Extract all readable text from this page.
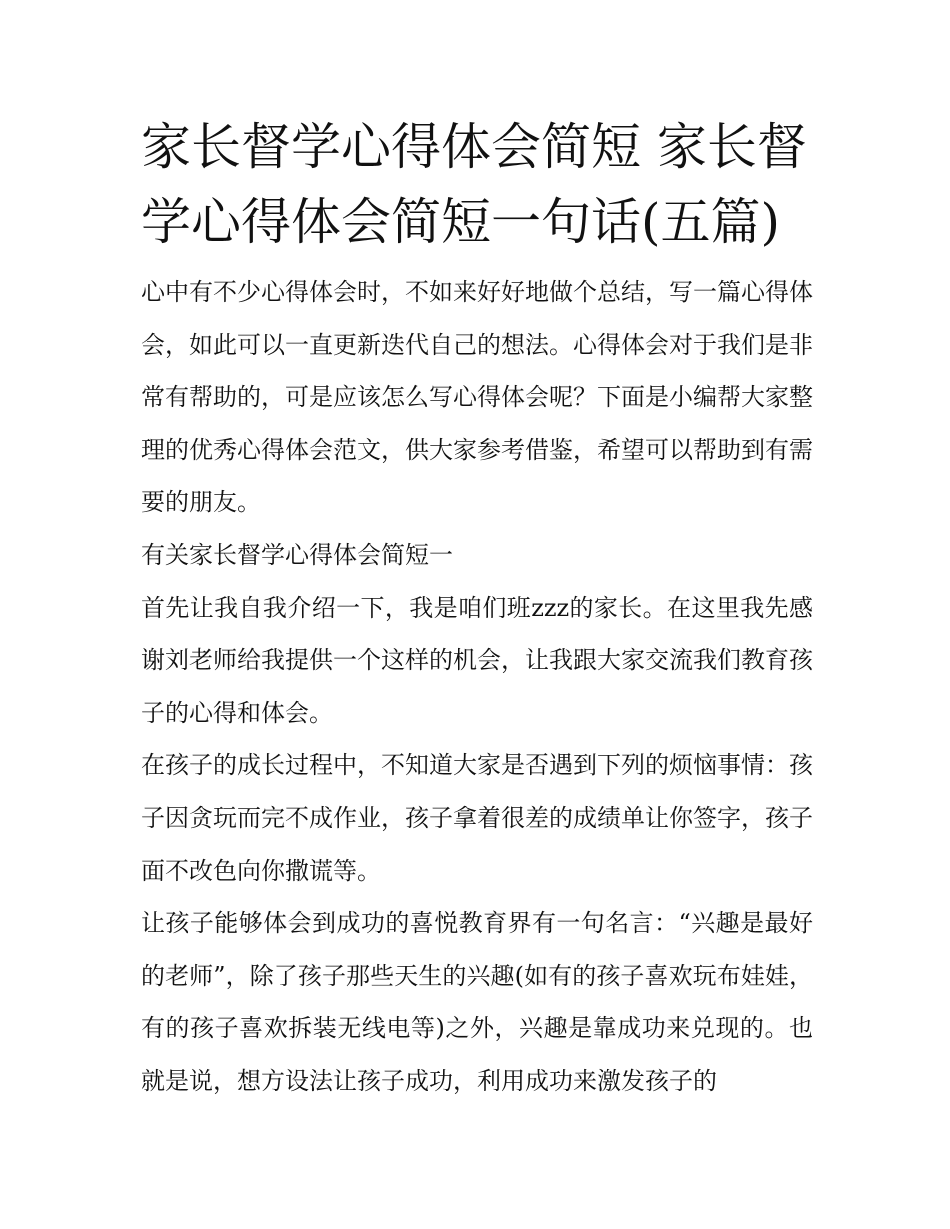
家长督学心得体会简短 家长督学心得体会简短一句话(五篇)

心中有不少心得体会时，不如来好好地做个总结，写一篇心得体会，如此可以一直更新迭代自己的想法。心得体会对于我们是非常有帮助的，可是应该怎么写心得体会呢？下面是小编帮大家整理的优秀心得体会范文，供大家参考借鉴，希望可以帮助到有需要的朋友。

有关家长督学心得体会简短一

首先让我自我介绍一下，我是咱们班zzz的家长。在这里我先感谢刘老师给我提供一个这样的机会，让我跟大家交流我们教育孩子的心得和体会。

在孩子的成长过程中，不知道大家是否遇到下列的烦恼事情：孩子因贪玩而完不成作业，孩子拿着很差的成绩单让你签字，孩子面不改色向你撒谎等。

让孩子能够体会到成功的喜悦教育界有一句名言：“兴趣是最好的老师”，除了孩子那些天生的兴趣(如有的孩子喜欢玩布娃娃，有的孩子喜欢拆装无线电等)之外，兴趣是靠成功来兑现的。也就是说，想方设法让孩子成功，利用成功来激发孩子的
